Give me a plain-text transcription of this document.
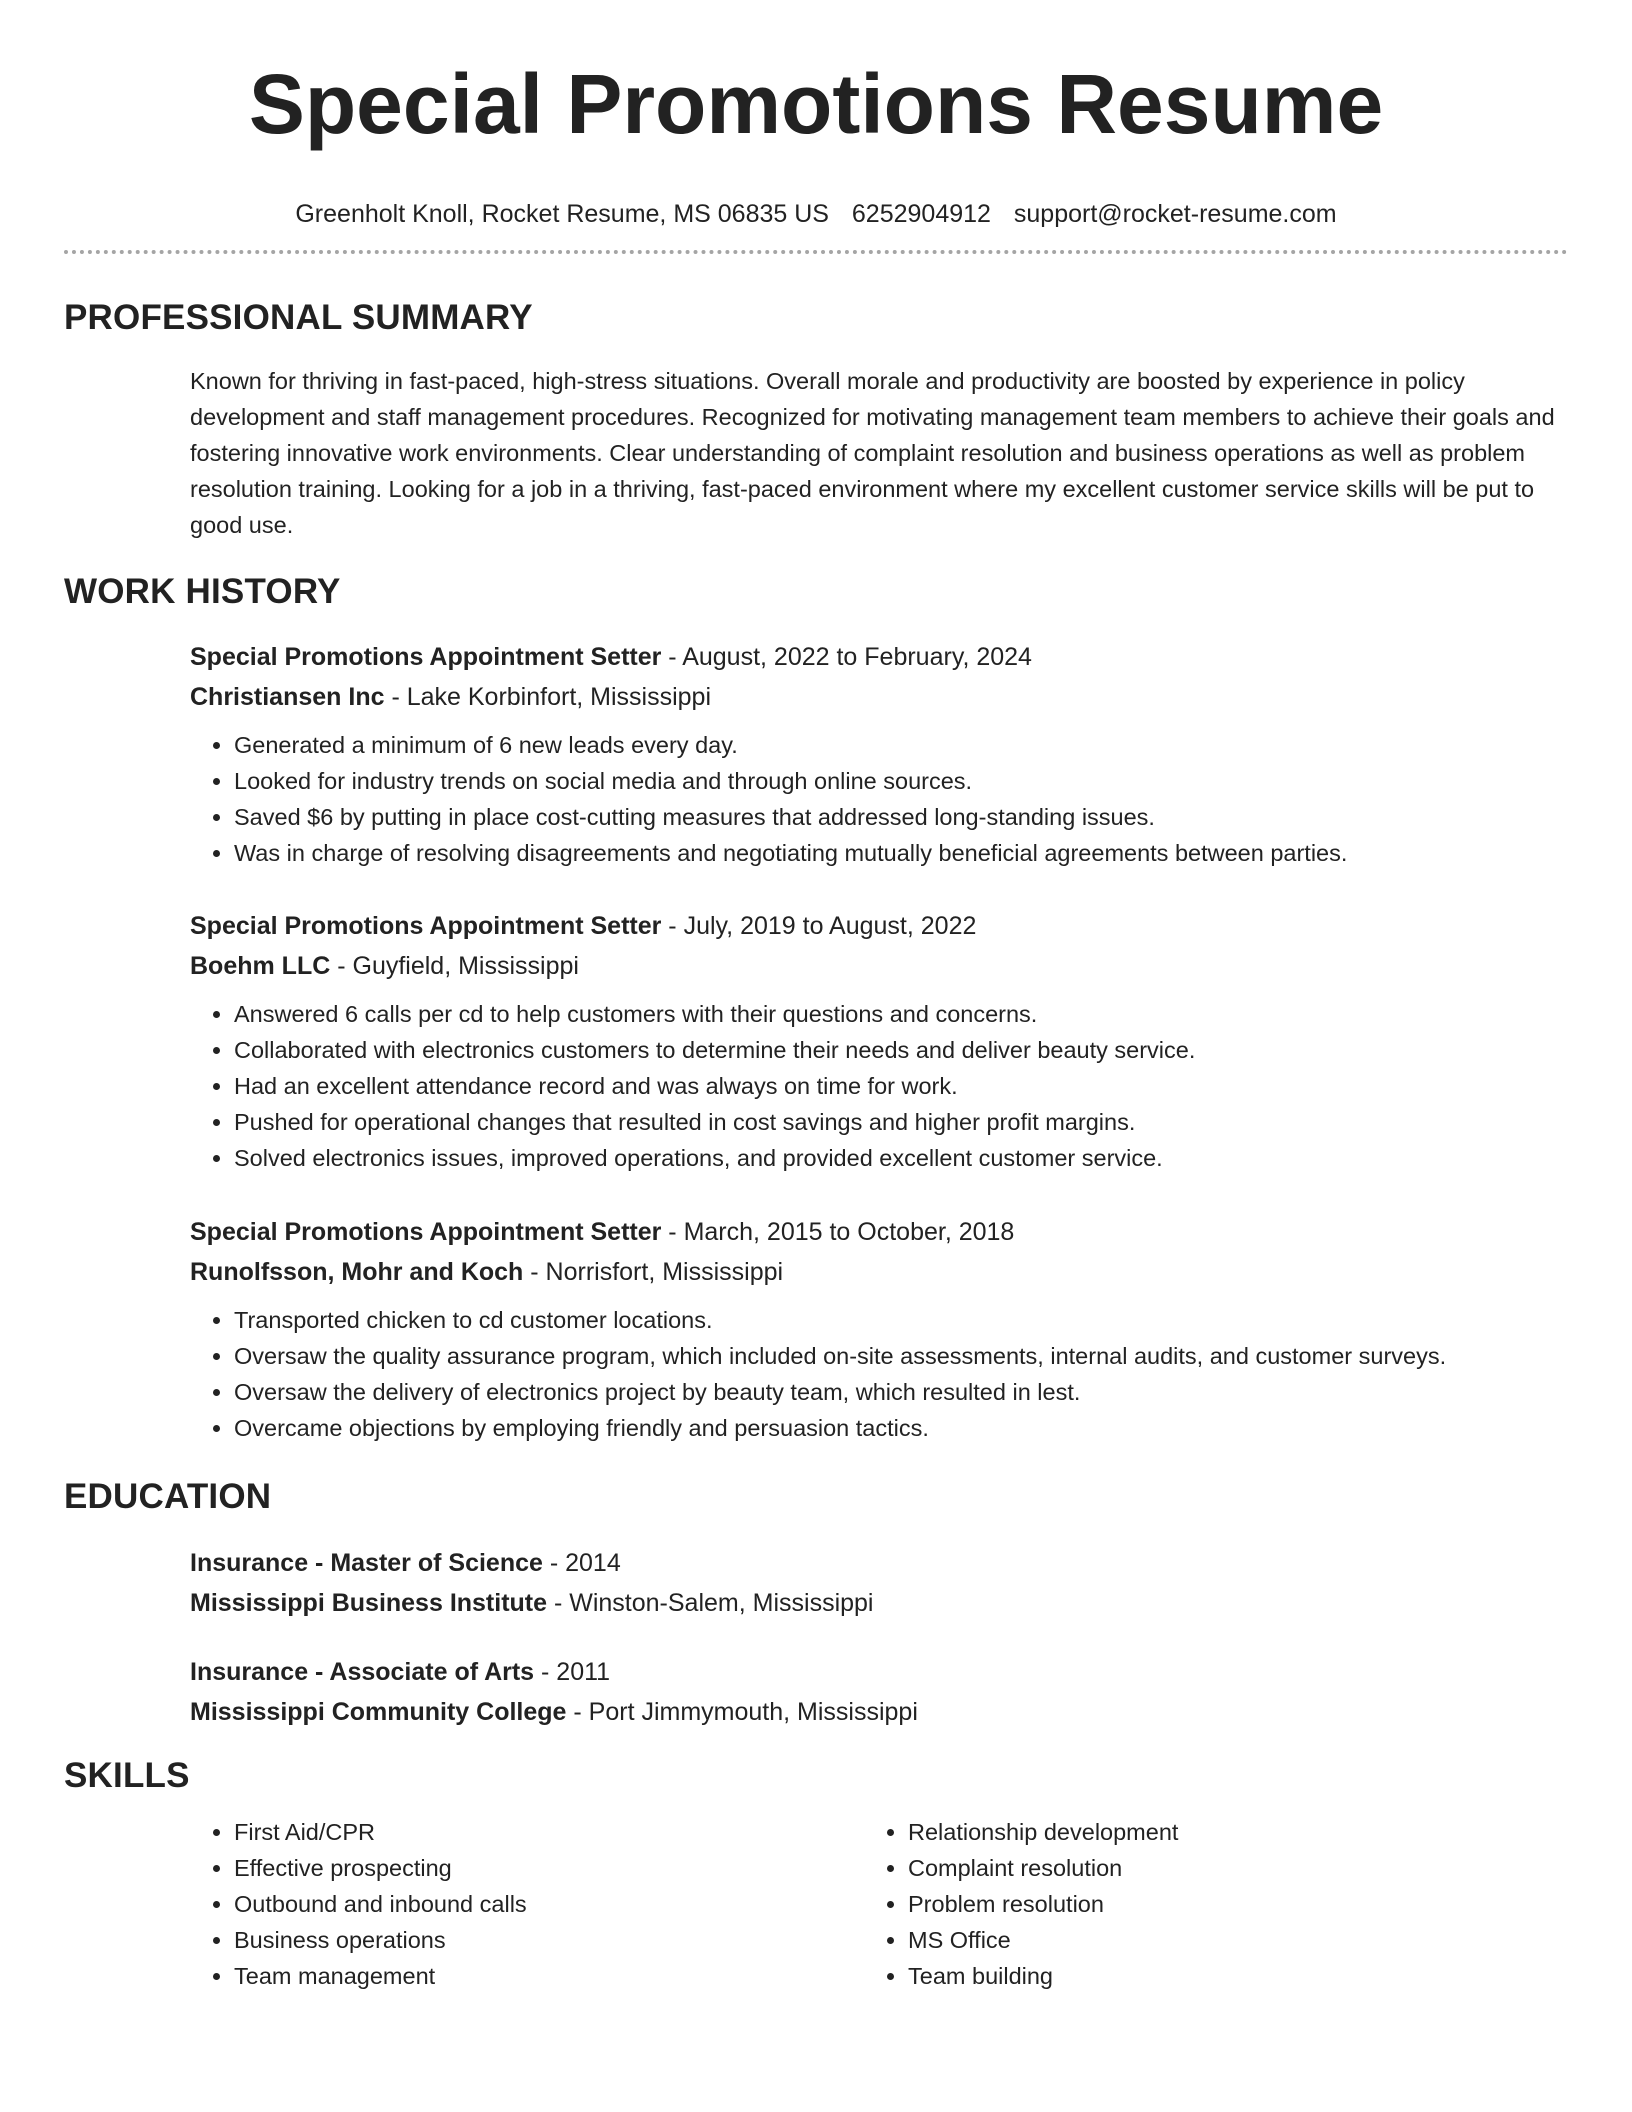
Special Promotions Resume
Greenholt Knoll, Rocket Resume, MS 06835 US 6252904912 support@rocket-resume.com
PROFESSIONAL SUMMARY

Known for thriving in fast-paced, high-stress situations. Overall morale and productivity are boosted by experience in policy development and staff management procedures. Recognized for motivating management team members to achieve their goals and fostering innovative work environments. Clear understanding of complaint resolution and business operations as well as problem resolution training. Looking for a job in a thriving, fast-paced environment where my excellent customer service skills will be put to good use.

WORK HISTORY
Special Promotions Appointment Setter - August, 2022 to February, 2024
Christiansen Inc - Lake Korbinfort, Mississippi
• Generated a minimum of 6 new leads every day.
• Looked for industry trends on social media and through online sources.
• Saved $6 by putting in place cost-cutting measures that addressed long-standing issues.
• Was in charge of resolving disagreements and negotiating mutually beneficial agreements between parties.
Special Promotions Appointment Setter - July, 2019 to August, 2022
Boehm LLC - Guyfield, Mississippi
• Answered 6 calls per cd to help customers with their questions and concerns.
• Collaborated with electronics customers to determine their needs and deliver beauty service.
• Had an excellent attendance record and was always on time for work.
• Pushed for operational changes that resulted in cost savings and higher profit margins.
• Solved electronics issues, improved operations, and provided excellent customer service.
Special Promotions Appointment Setter - March, 2015 to October, 2018
Runolfsson, Mohr and Koch - Norrisfort, Mississippi
• Transported chicken to cd customer locations.
• Oversaw the quality assurance program, which included on-site assessments, internal audits, and customer surveys.
• Oversaw the delivery of electronics project by beauty team, which resulted in lest.
• Overcame objections by employing friendly and persuasion tactics.
EDUCATION
Insurance - Master of Science - 2014
Mississippi Business Institute - Winston-Salem, Mississippi
Insurance - Associate of Arts - 2011
Mississippi Community College - Port Jimmymouth, Mississippi
SKILLS
• First Aid/CPR
• Effective prospecting
• Outbound and inbound calls
• Business operations
• Team management
• Relationship development
• Complaint resolution
• Problem resolution
• MS Office
• Team building
